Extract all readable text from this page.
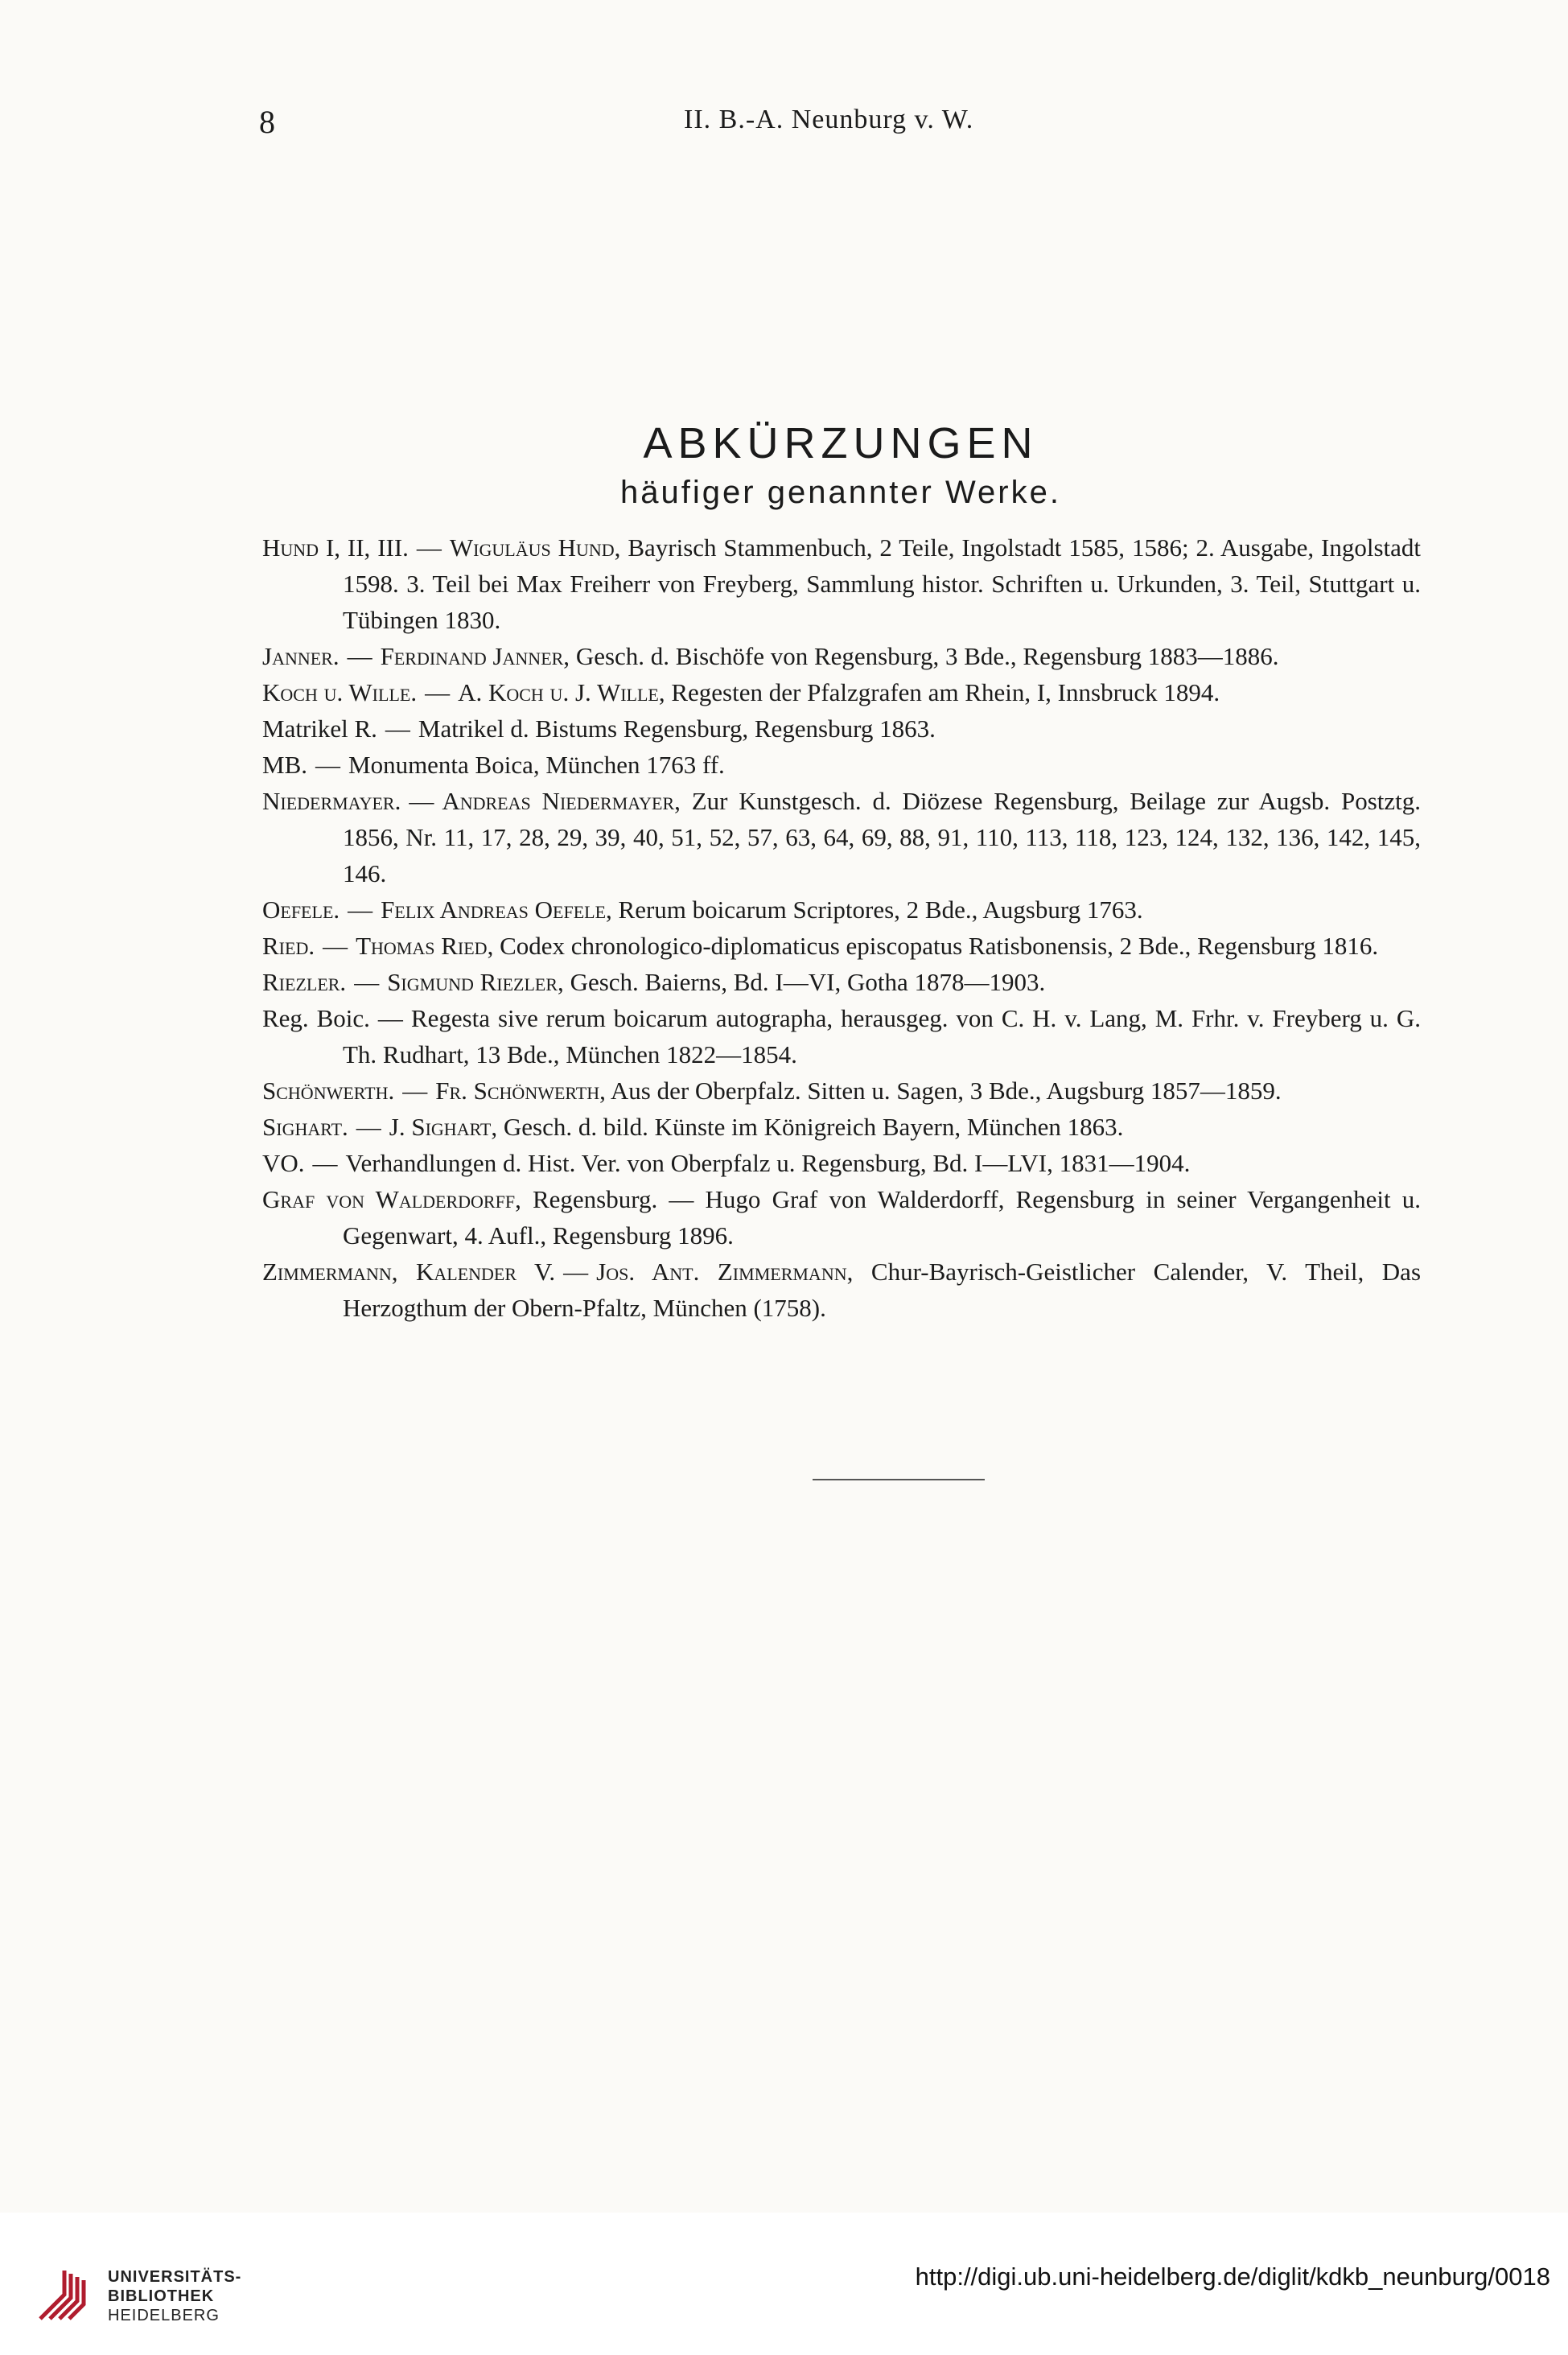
8	II. B.-A. Neunburg v. W.
ABKÜRZUNGEN
häufiger genannter Werke.
Hund I, II, III. — Wiguläus Hund, Bayrisch Stammenbuch, 2 Teile, Ingolstadt 1585, 1586; 2. Ausgabe, Ingolstadt 1598. 3. Teil bei Max Freiherr von Freyberg, Sammlung histor. Schriften u. Urkunden, 3. Teil, Stuttgart u. Tübingen 1830.
Janner. — Ferdinand Janner, Gesch. d. Bischöfe von Regensburg, 3 Bde., Regensburg 1883—1886.
Koch u. Wille. — A. Koch u. J. Wille, Regesten der Pfalzgrafen am Rhein, I, Innsbruck 1894.
Matrikel R. — Matrikel d. Bistums Regensburg, Regensburg 1863.
MB. — Monumenta Boica, München 1763 ff.
Niedermayer. — Andreas Niedermayer, Zur Kunstgesch. d. Diözese Regensburg, Beilage zur Augsb. Postztg. 1856, Nr. 11, 17, 28, 29, 39, 40, 51, 52, 57, 63, 64, 69, 88, 91, 110, 113, 118, 123, 124, 132, 136, 142, 145, 146.
Oefele. — Felix Andreas Oefele, Rerum boicarum Scriptores, 2 Bde., Augsburg 1763.
Ried. — Thomas Ried, Codex chronologico-diplomaticus episcopatus Ratisbonensis, 2 Bde., Regensburg 1816.
Riezler. — Sigmund Riezler, Gesch. Baierns, Bd. I—VI, Gotha 1878—1903.
Reg. Boic. — Regesta sive rerum boicarum autographa, herausgeg. von C. H. v. Lang, M. Frhr. v. Freyberg u. G. Th. Rudhart, 13 Bde., München 1822—1854.
Schönwerth. — Fr. Schönwerth, Aus der Oberpfalz. Sitten u. Sagen, 3 Bde., Augsburg 1857—1859.
Sighart. — J. Sighart, Gesch. d. bild. Künste im Königreich Bayern, München 1863.
VO. — Verhandlungen d. Hist. Ver. von Oberpfalz u. Regensburg, Bd. I—LVI, 1831—1904.
Graf von Walderdorff, Regensburg. — Hugo Graf von Walderdorff, Regensburg in seiner Vergangenheit u. Gegenwart, 4. Aufl., Regensburg 1896.
Zimmermann, Kalender V. — Jos. Ant. Zimmermann, Chur-Bayrisch-Geistlicher Calender, V. Theil, Das Herzogthum der Obern-Pfaltz, München (1758).
UNIVERSITÄTS-
BIBLIOTHEK
HEIDELBERG
http://digi.ub.uni-heidelberg.de/diglit/kdkb_neunburg/0018
